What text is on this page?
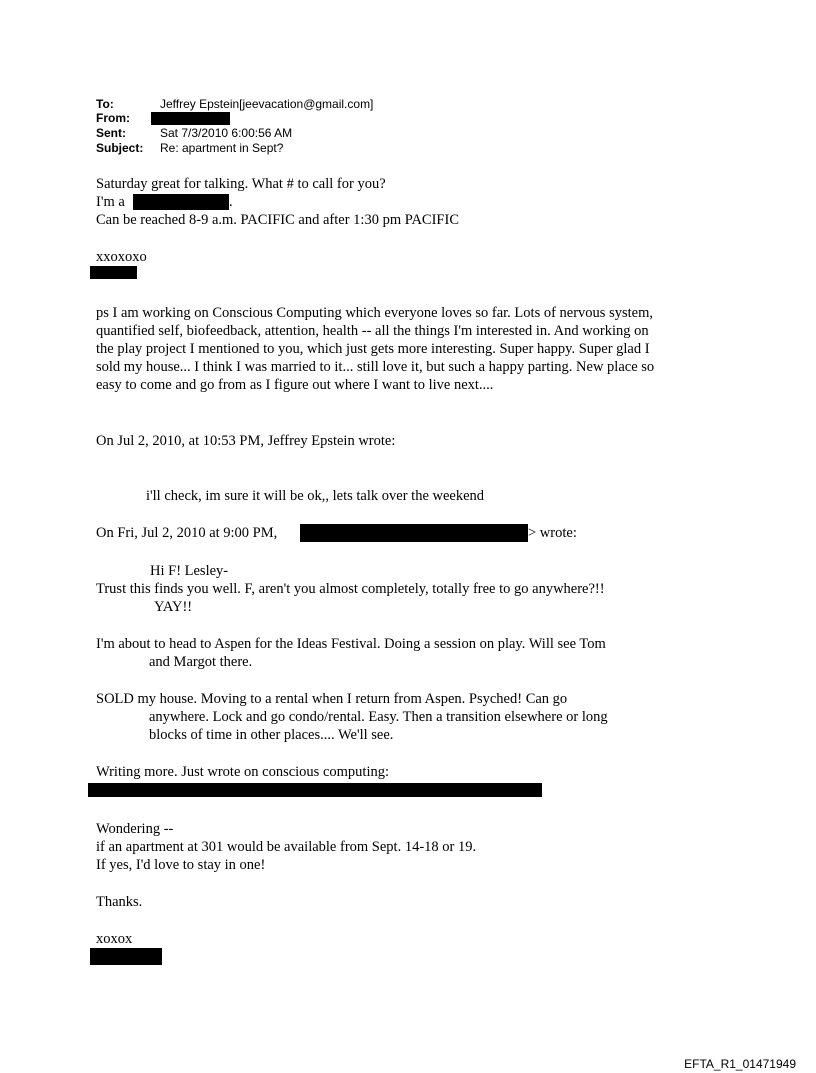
To:	Jeffrey Epstein[jeevacation@gmail.com]
From:
Sent:	Sat 7/3/2010 6:00:56 AM
Subject: Re: apartment in Sept?
Saturday great for talking. What # to call for you?
I'm a	.
Can be reached 8-9 a.m. PACIFIC and after 1:30 pm PACIFIC
xxoxoxo
ps I am working on Conscious Computing which everyone loves so far. Lots of nervous system,
quantified self, biofeedback, attention, health -- all the things I'm interested in. And working on
the play project I mentioned to you, which just gets more interesting. Super happy. Super glad I
sold my house... I think I was married to it... still love it, but such a happy parting. New place so
easy to come and go from as I figure out where I want to live next....
On Jul 2, 2010, at 10:53 PM, Jeffrey Epstein wrote:
i'll check, im sure it will be ok,, lets talk over the weekend
On Fri, Jul 2, 2010 at 9:00 PM,	> wrote:
Hi F! Lesley-
Trust this finds you well. F, aren't you almost completely, totally free to go anywhere?!!
YAY!!
I'm about to head to Aspen for the Ideas Festival. Doing a session on play. Will see Tom
and Margot there.
SOLD my house. Moving to a rental when I return from Aspen. Psyched! Can go
anywhere. Lock and go condo/rental. Easy. Then a transition elsewhere or long
blocks of time in other places.... We'll see.
Writing more. Just wrote on conscious computing:
Wondering --
if an apartment at 301 would be available from Sept. 14-18 or 19.
If yes, I'd love to stay in one!
Thanks.
xoxox
EFTA_R1_01471949
